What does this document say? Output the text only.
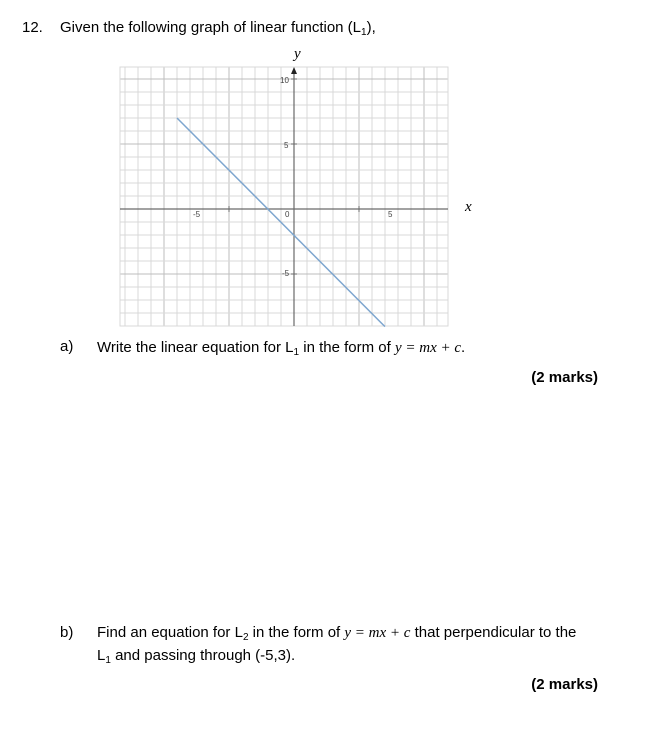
12. Given the following graph of linear function $(L_1)$,
10
5
0
-5
-5	5
y
x
a) Write the linear equation for $L_1$ in the form of y = mx + c.
(2 marks)
b) Find an equation for $L_2$ in the form of y = mx + c that perpendicular to the
$L_1$ and passing through (-5,3).
(2 marks)
